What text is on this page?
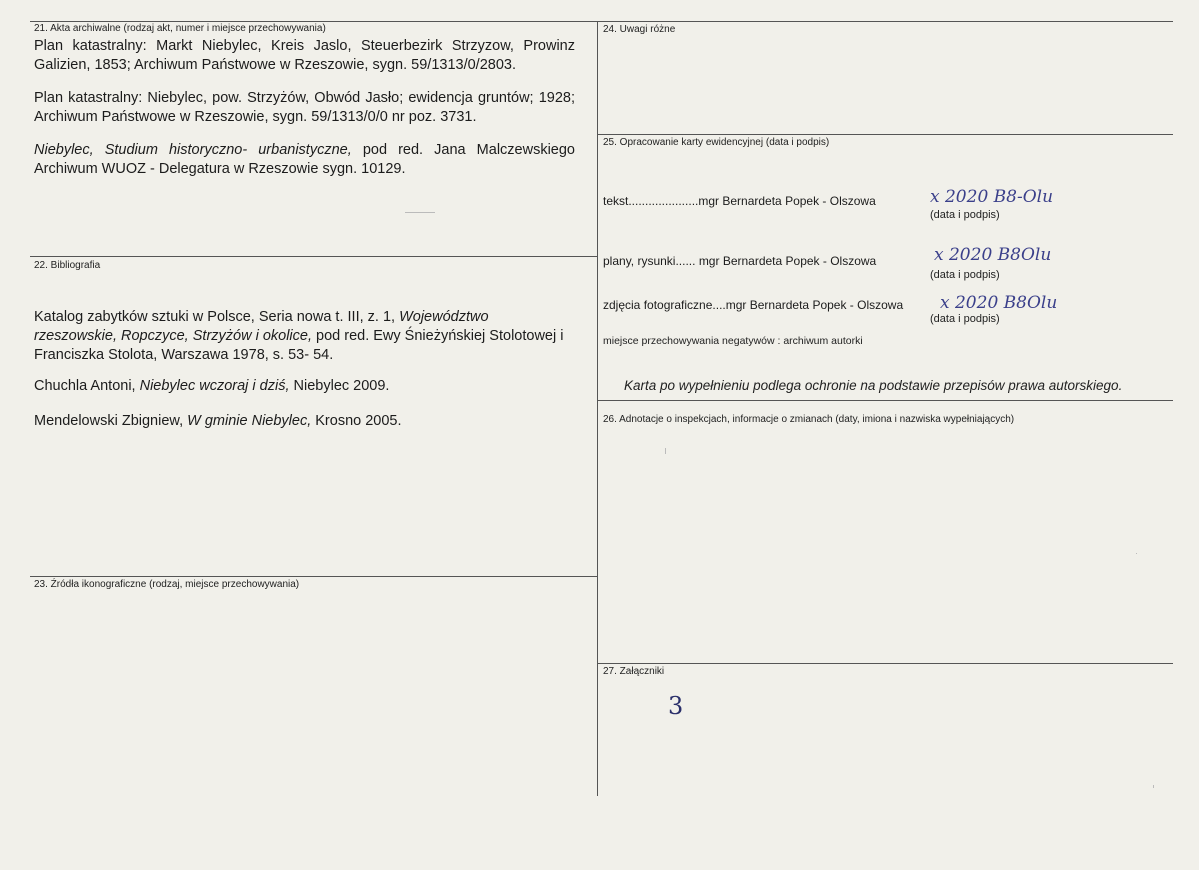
21. Akta archiwalne (rodzaj akt, numer i miejsce przechowywania)

Plan katastralny: Markt Niebylec, Kreis Jaslo, Steuerbezirk Strzyzow, Prowinz Galizien, 1853; Archiwum Państwowe w Rzeszowie, sygn. 59/1313/0/2803.

Plan katastralny: Niebylec, pow. Strzyżów, Obwód Jasło; ewidencja gruntów; 1928; Archiwum Państwowe w Rzeszowie, sygn. 59/1313/0/0 nr poz. 3731.

Niebylec, Studium historyczno- urbanistyczne, pod red. Jana Malczewskiego Archiwum WUOZ - Delegatura w Rzeszowie sygn. 10129.

22. Bibliografia

Katalog zabytków sztuki w Polsce, Seria nowa t. III, z. 1, Województwo rzeszowskie, Ropczyce, Strzyżów i okolice, pod red. Ewy Śnieżyńskiej Stolotowej i Franciszka Stolota, Warszawa 1978, s. 53- 54.

Chuchla Antoni, Niebylec wczoraj i dziś, Niebylec 2009.

Mendelowski Zbigniew, W gminie Niebylec, Krosno 2005.

23. Źródła ikonograficzne (rodzaj, miejsce przechowywania)
24. Uwagi różne
25. Opracowanie karty ewidencyjnej (data i podpis)
tekst.....................mgr Bernardeta Popek - Olszowa	x 2020 B8-Olu
(data i podpis)
plany, rysunki...... mgr Bernardeta Popek - Olszowa	x 2020 B8Olu
(data i podpis)
zdjęcia fotograficzne....mgr Bernardeta Popek - Olszowa x 2020 B8Olu
(data i podpis)
miejsce przechowywania negatywów : archiwum autorki
Karta po wypełnieniu podlega ochronie na podstawie przepisów prawa autorskiego.
26. Adnotacje o inspekcjach, informacje o zmianach (daty, imiona i nazwiska wypełniających)
27. Załączniki
3
